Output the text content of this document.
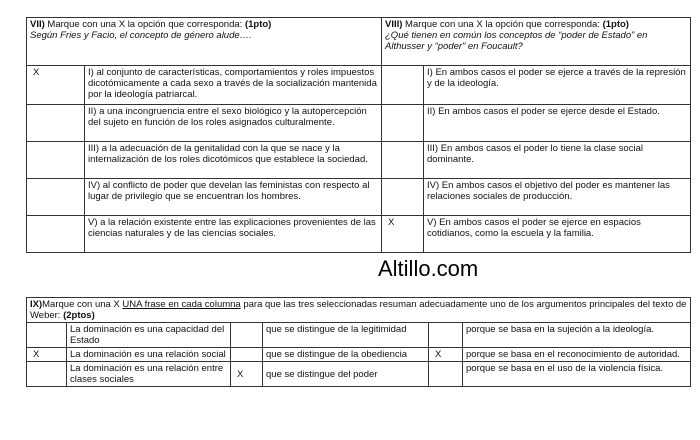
VII) Marque con una X la opción que corresponda: (1pto)
Según Fries y Facio, el concepto de género alude….		VIII) Marque con una X la opción que corresponda: (1pto)
¿Qué tienen en común los conceptos de “poder de Estado” en Althusser y “poder” en Foucault?	
X	I) al conjunto de características, comportamientos y roles impuestos dicotómicamente a cada sexo a través de la socialización mantenida por la ideología patriarcal.		I) En ambos casos el poder se ejerce a través de la represión y de la ideología.
	II) a una incongruencia entre el sexo biológico y la autopercepción del sujeto en función de los roles asignados culturalmente.		II) En ambos casos el poder se ejerce desde el Estado.
	III) a la adecuación de la genitalidad con la que se nace y la internalización de los roles dicotómicos que establece la sociedad.		III) En ambos casos el poder lo tiene la clase social dominante.
	IV) al conflicto de poder que develan las feministas con respecto al lugar de privilegio que se encuentran los hombres.		IV) En ambos casos el objetivo del poder es mantener las relaciones sociales de producción.
	V) a la relación existente entre las explicaciones provenientes de las ciencias naturales y de las ciencias sociales.	X	V) En ambos casos el poder se ejerce en espacios cotidianos, como la escuela y la familia.
Altillo.com
IX)Marque con una X UNA frase en cada columna para que las tres seleccionadas resuman adecuadamente uno de los argumentos principales del texto de Weber: (2ptos)					
	La dominación es una capacidad del Estado		que se distingue de la legitimidad		porque se basa en la sujeción a la ideología.
X	La dominación es una relación social		que se distingue de la obediencia	X	porque se basa en el reconocimiento de autoridad.
	La dominación es una relación entre clases sociales	X	que se distingue del poder		porque se basa en el uso de la violencia física.
